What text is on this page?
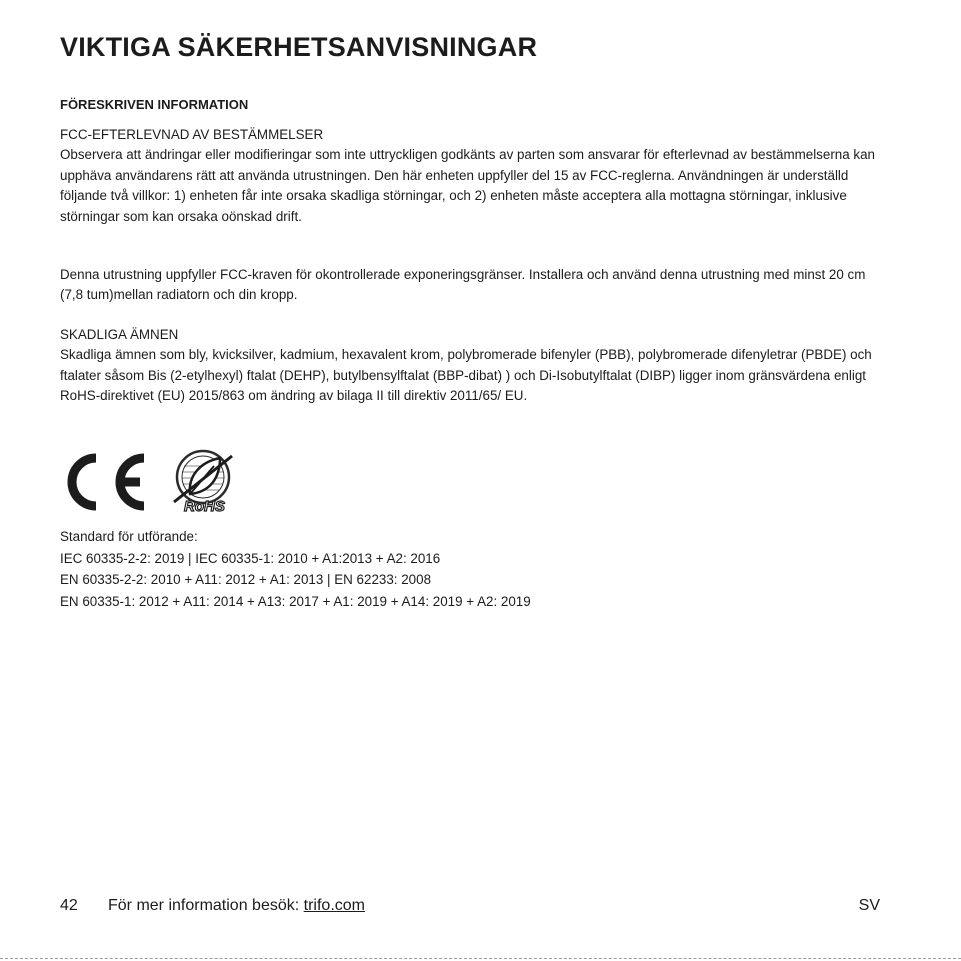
VIKTIGA SÄKERHETSANVISNINGAR
FÖRESKRIVEN INFORMATION
FCC-EFTERLEVNAD AV BESTÄMMELSER

Observera att ändringar eller modifieringar som inte uttryckligen godkänts av parten som ansvarar för efterlevnad av bestämmelserna kan upphäva användarens rätt att använda utrustningen. Den här enheten uppfyller del 15 av FCC-reglerna. Användningen är underställd följande två villkor: 1) enheten får inte orsaka skadliga störningar, och 2) enheten måste acceptera alla mottagna störningar, inklusive störningar som kan orsaka oönskad drift.

Denna utrustning uppfyller FCC-kraven för okontrollerade exponeringsgränser. Installera och använd denna utrustning med minst 20 cm (7,8 tum)mellan radiatorn och din kropp.

SKADLIGA ÄMNEN

Skadliga ämnen som bly, kvicksilver, kadmium, hexavalent krom, polybromerade bifenyler (PBB), polybromerade difenyletrar (PBDE) och ftalater såsom Bis (2-etylhexyl) ftalat (DEHP), butylbensylftalat (BBP-dibat) ) och Di-Isobutylftalat (DIBP) ligger inom gränsvärdena enligt RoHS-direktivet (EU) 2015/863 om ändring av bilaga II till direktiv 2011/65/ EU.

RoHS
Standard för utförande:
IEC 60335-2-2: 2019 | IEC 60335-1: 2010 + A1:2013 + A2: 2016
EN 60335-2-2: 2010 + A11: 2012 + A1: 2013 | EN 62233: 2008
EN 60335-1: 2012 + A11: 2014 + A13: 2017 + A1: 2019 + A14: 2019 + A2: 2019
42 För mer information besök: trifo.com	SV
